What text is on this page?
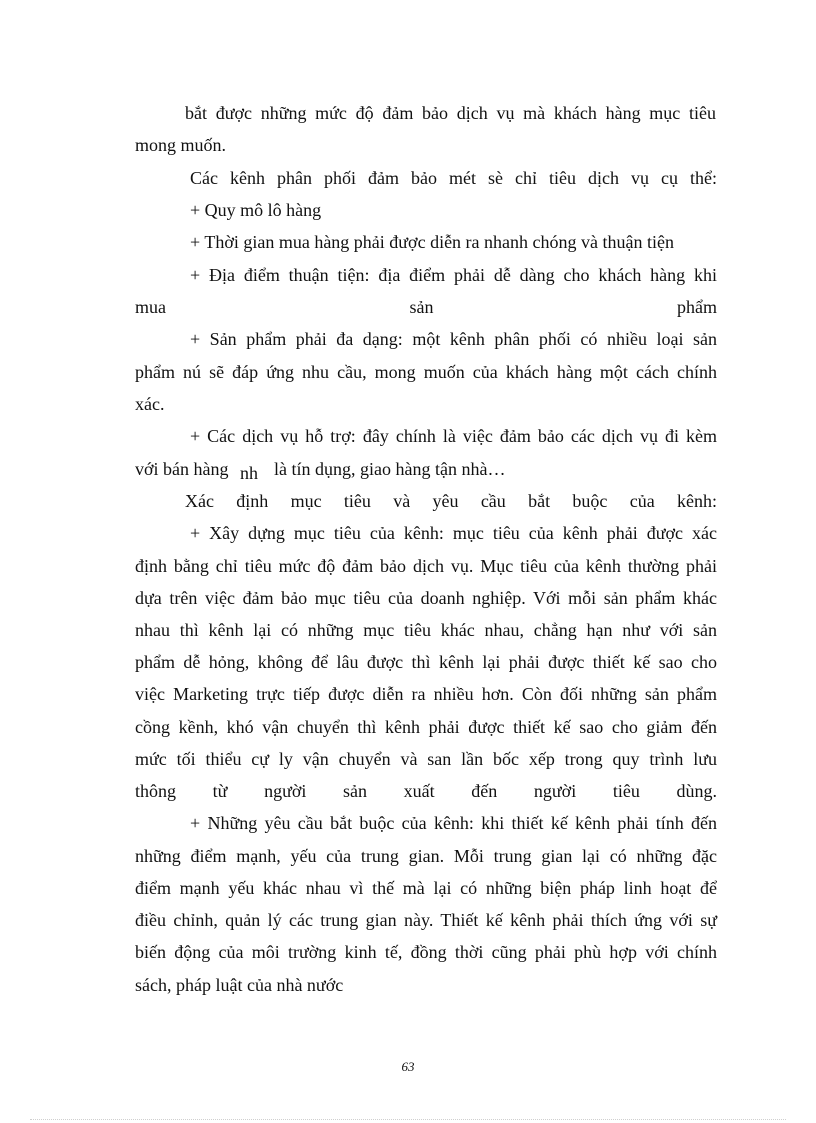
bắt được những mức độ đảm bảo dịch vụ mà khách hàng mục tiêu
mong muốn.
Các kênh phân phối đảm bảo mét sè chỉ tiêu dịch vụ cụ thể:
+ Quy mô lô hàng
+ Thời gian mua hàng phải được diễn ra nhanh chóng và thuận tiện
+ Địa điểm thuận tiện: địa điểm phải dễ dàng cho khách hàng khi
mua sản phẩm
+ Sản phẩm phải đa dạng: một kênh phân phối có nhiều loại sản
phẩm nú sẽ đáp ứng nhu cầu, mong muốn của khách hàng một cách chính
xác.
+ Các dịch vụ hỗ trợ: đây chính là việc đảm bảo các dịch vụ đi kèm
với bán hàng nh là tín dụng, giao hàng tận nhà…
Xác định mục tiêu và yêu cầu bắt buộc của kênh:
+ Xây dựng mục tiêu của kênh: mục tiêu của kênh phải được xác
định bằng chỉ tiêu mức độ đảm bảo dịch vụ. Mục tiêu của kênh thường phải
dựa trên việc đảm bảo mục tiêu của doanh nghiệp. Với mỗi sản phẩm khác
nhau thì kênh lại có những mục tiêu khác nhau, chẳng hạn như với sản
phẩm dễ hỏng, không để lâu được thì kênh lại phải được thiết kế sao cho
việc Marketing trực tiếp được diễn ra nhiều hơn. Còn đối những sản phẩm
cồng kềnh, khó vận chuyển thì kênh phải được thiết kế sao cho giảm đến
mức tối thiểu cự ly vận chuyển và san lần bốc xếp trong quy trình lưu
thông từ người sản xuất đến người tiêu dùng.
+ Những yêu cầu bắt buộc của kênh: khi thiết kế kênh phải tính đến
những điểm mạnh, yếu của trung gian. Mỗi trung gian lại có những đặc
điểm mạnh yếu khác nhau vì thế mà lại có những biện pháp linh hoạt để
điều chỉnh, quản lý các trung gian này. Thiết kế kênh phải thích ứng với sự
biến động của môi trường kinh tế, đồng thời cũng phải phù hợp với chính
sách, pháp luật của nhà nước
63
